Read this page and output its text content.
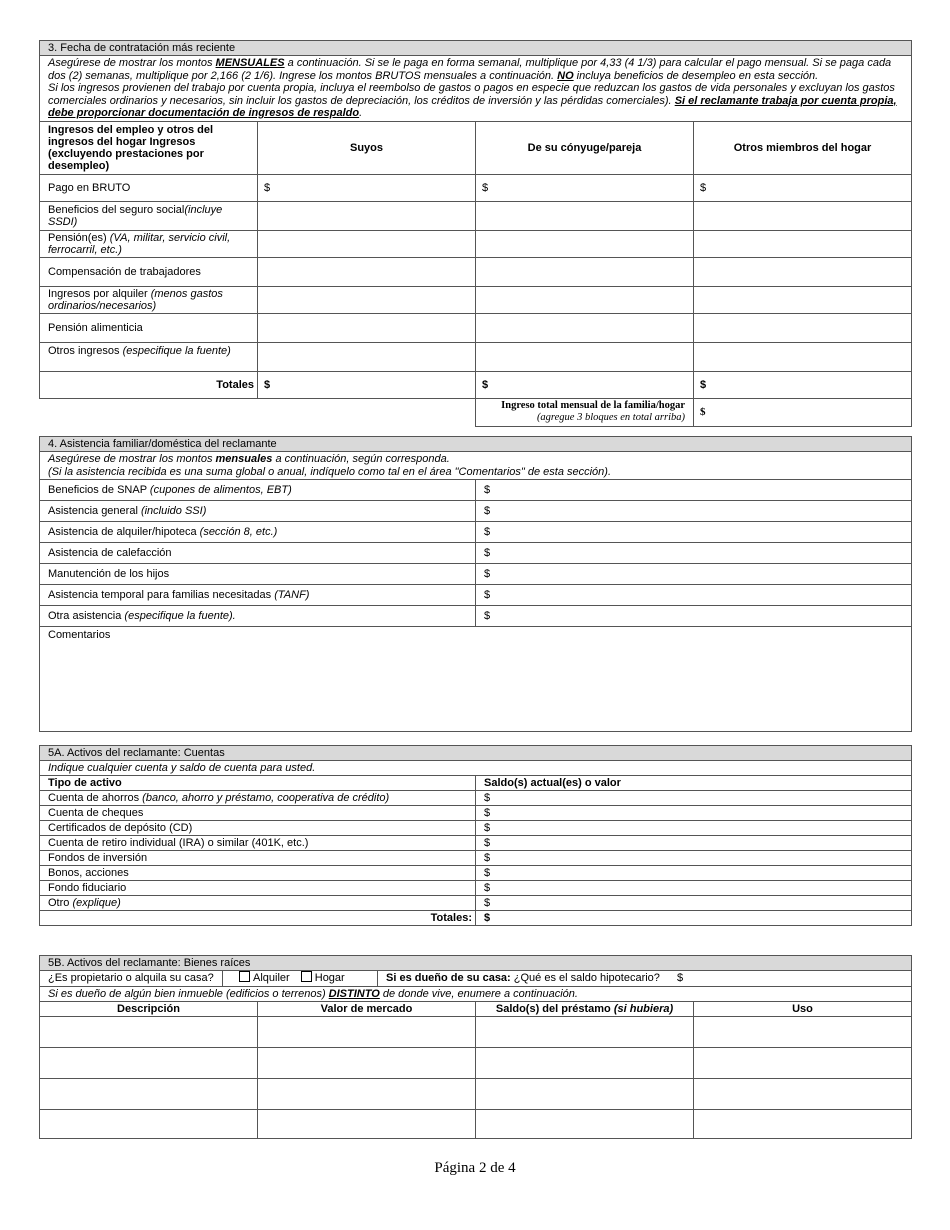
3. Fecha de contratación más reciente			
Asegúrese de mostrar los montos MENSUALES a continuación. Si se le paga en forma semanal, multiplique por 4,33 (4 1/3) para calcular el pago mensual. Si se paga cada dos (2) semanas, multiplique por 2,166 (2 1/6). Ingrese los montos BRUTOS mensuales a continuación. NO incluya beneficios de desempleo en esta sección.
Si los ingresos provienen del trabajo por cuenta propia, incluya el reembolso de gastos o pagos en especie que reduzcan los gastos de vida personales y excluyan los gastos comerciales ordinarios y necesarios, sin incluir los gastos de depreciación, los créditos de inversión y las pérdidas comerciales). Si el reclamante trabaja por cuenta propia, debe proporcionar documentación de ingresos de respaldo.			
Ingresos del empleo y otros del ingresos del hogar Ingresos (excluyendo prestaciones por desempleo)	Suyos	De su cónyuge/pareja	Otros miembros del hogar
Pago en BRUTO	$	$	$
Beneficios del seguro social(incluye SSDI)			
Pensión(es) (VA, militar, servicio civil, ferrocarril, etc.)			
Compensación de trabajadores			
Ingresos por alquiler (menos gastos ordinarios/necesarios)			
Pensión alimenticia			
Otros ingresos (especifique la fuente)			
Totales	$	$	$
		Ingreso total mensual de la familia/hogar
(agregue 3 bloques en total arriba)	$
4. Asistencia familiar/doméstica del reclamante	
Asegúrese de mostrar los montos mensuales a continuación, según corresponda.
(Si la asistencia recibida es una suma global o anual, indíquelo como tal en el área "Comentarios" de esta sección).	
Beneficios de SNAP (cupones de alimentos, EBT)	$
Asistencia general (incluido SSI)	$
Asistencia de alquiler/hipoteca (sección 8, etc.)	$
Asistencia de calefacción	$
Manutención de los hijos	$
Asistencia temporal para familias necesitadas (TANF)	$
Otra asistencia (especifique la fuente).	$
Comentarios	
5A. Activos del reclamante: Cuentas	
Indique cualquier cuenta y saldo de cuenta para usted.	
Tipo de activo	Saldo(s) actual(es) o valor
Cuenta de ahorros (banco, ahorro y préstamo, cooperativa de crédito)	$
Cuenta de cheques	$
Certificados de depósito (CD)	$
Cuenta de retiro individual (IRA) o similar (401K, etc.)	$
Fondos de inversión	$
Bonos, acciones	$
Fondo fiduciario	$
Otro (explique)	$
Totales:	$
5B. Activos del reclamante: Bienes raíces			

¿Es propietario o alquila su casa? Alquiler Hogar Si es dueño de su casa: ¿Qué es el saldo hipotecario? $			

Si es dueño de algún bien inmueble (edificios o terrenos) DISTINTO de donde vive, enumere a continuación.			
Descripción	Valor de mercado	Saldo(s) del préstamo (si hubiera)	Uso

Página 2 de 4
